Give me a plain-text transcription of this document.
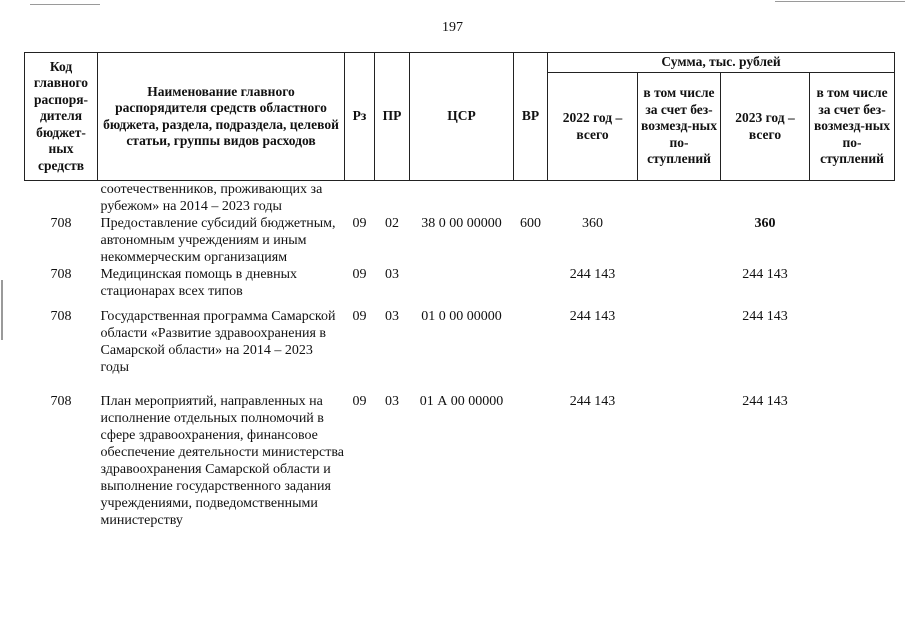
197
Код главного распоря-дителя бюджет-ных средств	Наименование главного распорядителя средств областного бюджета, раздела, подраздела, целевой статьи, группы видов расходов	Рз	ПР	ЦСР	ВР	Сумма, тыс. рублей			
						2022 год – всего	в том числе за счет без-возмезд-ных по-ступлений	2023 год – всего	в том числе за счет без-возмезд-ных по-ступлений
708	соотечественников, проживающих за рубежом» на 2014 – 2023 годы Предоставление субсидий бюджетным, автономным учреждениям и иным некоммерческим организациям	09	02	38 0 00 00000	600	360		360	
708	Медицинская помощь в дневных стационарах всех типов	09	03			244 143		244 143	
708	Государственная программа Самарской области «Развитие здравоохранения в Самарской области» на 2014 – 2023 годы	09	03	01 0 00 00000		244 143		244 143	
708	План мероприятий, направленных на исполнение отдельных полномочий в сфере здравоохранения, финансовое обеспечение деятельности министерства здравоохранения Самарской области и выполнение государственного задания учреждениями, подведомственными министерству	09	03	01 А 00 00000		244 143		244 143	
